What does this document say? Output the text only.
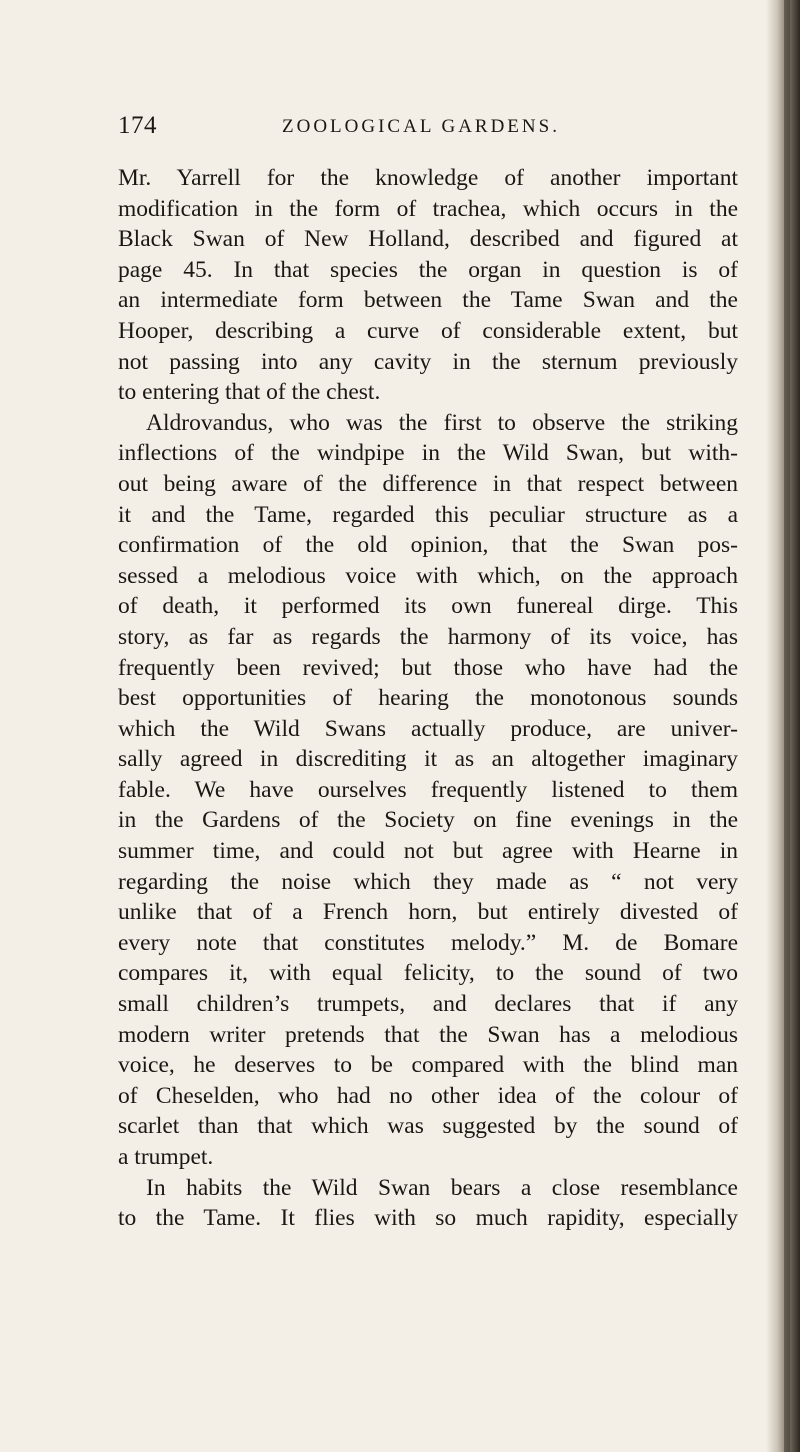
174	ZOOLOGICAL GARDENS.
Mr. Yarrell for the knowledge of another important
modification in the form of trachea, which occurs in the
Black Swan of New Holland, described and figured at
page 45. In that species the organ in question is of
an intermediate form between the Tame Swan and the
Hooper, describing a curve of considerable extent, but
not passing into any cavity in the sternum previously
to entering that of the chest.
Aldrovandus, who was the first to observe the striking
inflections of the windpipe in the Wild Swan, but with-
out being aware of the difference in that respect between
it and the Tame, regarded this peculiar structure as a
confirmation of the old opinion, that the Swan pos-
sessed a melodious voice with which, on the approach
of death, it performed its own funereal dirge. This
story, as far as regards the harmony of its voice, has
frequently been revived; but those who have had the
best opportunities of hearing the monotonous sounds
which the Wild Swans actually produce, are univer-
sally agreed in discrediting it as an altogether imaginary
fable. We have ourselves frequently listened to them
in the Gardens of the Society on fine evenings in the
summer time, and could not but agree with Hearne in
regarding the noise which they made as “ not very
unlike that of a French horn, but entirely divested of
every note that constitutes melody.” M. de Bomare
compares it, with equal felicity, to the sound of two
small children’s trumpets, and declares that if any
modern writer pretends that the Swan has a melodious
voice, he deserves to be compared with the blind man
of Cheselden, who had no other idea of the colour of
scarlet than that which was suggested by the sound of
a trumpet.
In habits the Wild Swan bears a close resemblance
to the Tame. It flies with so much rapidity, especially
